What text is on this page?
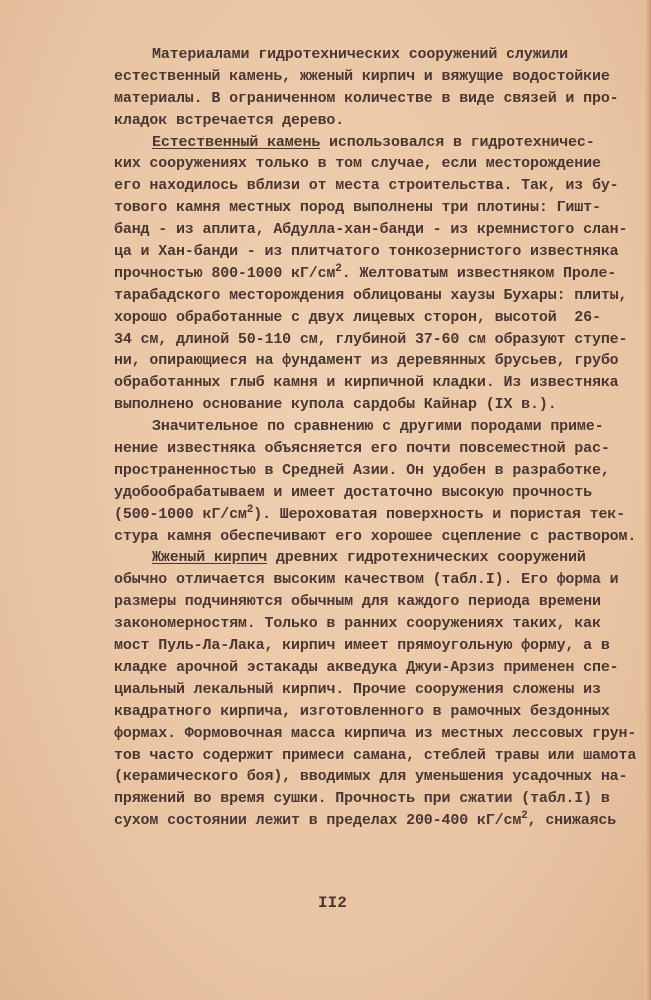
Материалами гидротехнических сооружений служили
естественный камень, жженый кирпич и вяжущие водостойкие
материалы. В ограниченном количестве в виде связей и про-
кладок встречается дерево.
Естественный камень использовался в гидротехничес-
ких сооружениях только в том случае, если месторождение
его находилось вблизи от места строительства. Так, из бу-
тового камня местных пород выполнены три плотины: Гишт-
банд - из аплита, Абдулла-хан-банди - из кремнистого слан-
ца и Хан-банди - из плитчатого тонкозернистого известняка
прочностью 800-1000 $кГ/см^2$. Желтоватым известняком Проле-
тарабадского месторождения облицованы хаузы Бухары: плиты,
хорошо обработанные с двух лицевых сторон, высотой  26-
34 см, длиной 50-110 см, глубиной 37-60 см образуют ступе-
ни, опирающиеся на фундамент из деревянных брусьев, грубо
обработанных глыб камня и кирпичной кладки. Из известняка
выполнено основание купола сардобы Кайнар (IX в.).
Значительное по сравнению с другими породами приме-
нение известняка объясняется его почти повсеместной рас-
пространенностью в Средней Азии. Он удобен в разработке,
удобообрабатываем и имеет достаточно высокую прочность
(500-1000 $кГ/см^2$). Шероховатая поверхность и пористая тек-
стура камня обеспечивают его хорошее сцепление с раствором.
Жженый кирпич древних гидротехнических сооружений
обычно отличается высоким качеством (табл.I). Его форма и
размеры подчиняются обычным для каждого периода времени
закономерностям. Только в ранних сооружениях таких, как
мост Пуль-Ла-Лака, кирпич имеет прямоугольную форму, а в
кладке арочной эстакады акведука Джуи-Арзиз применен спе-
циальный лекальный кирпич. Прочие сооружения сложены из
квадратного кирпича, изготовленного в рамочных бездонных
формах. Формовочная масса кирпича из местных лессовых грун-
тов часто содержит примеси самана, стеблей травы или шамота
(керамического боя), вводимых для уменьшения усадочных на-
пряжений во время сушки. Прочность при сжатии (табл.I) в
сухом состоянии лежит в пределах 200-400 $кГ/см^2$, снижаясь
II2
